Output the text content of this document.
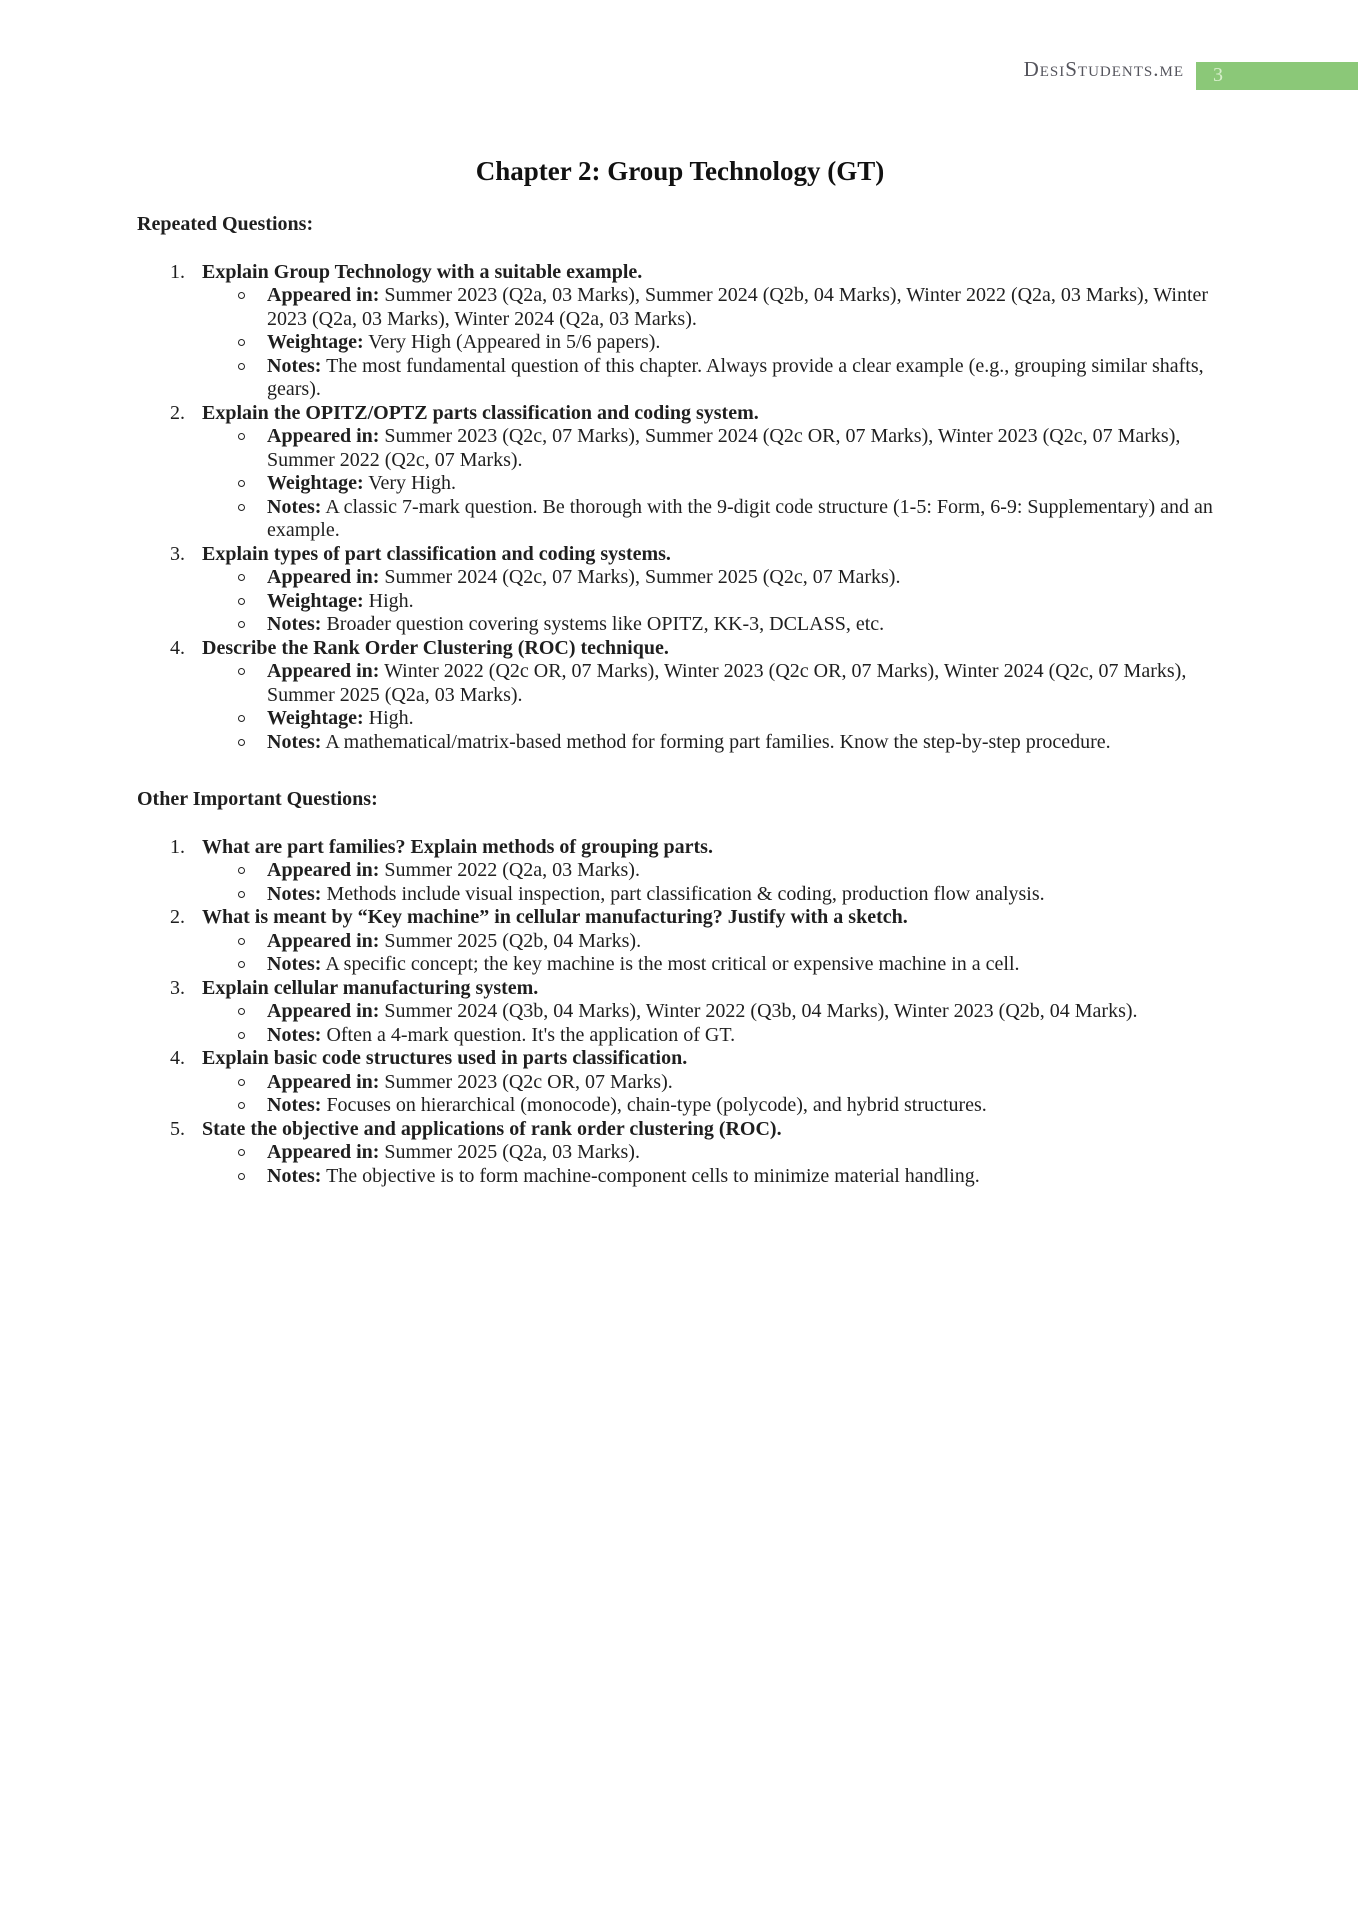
DesiStudents.me	3
Chapter 2: Group Technology (GT)
Repeated Questions:
1. Explain Group Technology with a suitable example.
Appeared in: Summer 2023 (Q2a, 03 Marks), Summer 2024 (Q2b, 04 Marks), Winter 2022 (Q2a, 03 Marks), Winter 2023 (Q2a, 03 Marks), Winter 2024 (Q2a, 03 Marks).
Weightage: Very High (Appeared in 5/6 papers).
Notes: The most fundamental question of this chapter. Always provide a clear example (e.g., grouping similar shafts, gears).
2. Explain the OPITZ/OPTZ parts classification and coding system.
Appeared in: Summer 2023 (Q2c, 07 Marks), Summer 2024 (Q2c OR, 07 Marks), Winter 2023 (Q2c, 07 Marks), Summer 2022 (Q2c, 07 Marks).
Weightage: Very High.
Notes: A classic 7-mark question. Be thorough with the 9-digit code structure (1-5: Form, 6-9: Supplementary) and an example.
3. Explain types of part classification and coding systems.
Appeared in: Summer 2024 (Q2c, 07 Marks), Summer 2025 (Q2c, 07 Marks).
Weightage: High.
Notes: Broader question covering systems like OPITZ, KK-3, DCLASS, etc.
4. Describe the Rank Order Clustering (ROC) technique.
Appeared in: Winter 2022 (Q2c OR, 07 Marks), Winter 2023 (Q2c OR, 07 Marks), Winter 2024 (Q2c, 07 Marks), Summer 2025 (Q2a, 03 Marks).
Weightage: High.
Notes: A mathematical/matrix-based method for forming part families. Know the step-by-step procedure.
Other Important Questions:
1. What are part families? Explain methods of grouping parts.
Appeared in: Summer 2022 (Q2a, 03 Marks).
Notes: Methods include visual inspection, part classification & coding, production flow analysis.
2. What is meant by “Key machine” in cellular manufacturing? Justify with a sketch.
Appeared in: Summer 2025 (Q2b, 04 Marks).
Notes: A specific concept; the key machine is the most critical or expensive machine in a cell.
3. Explain cellular manufacturing system.
Appeared in: Summer 2024 (Q3b, 04 Marks), Winter 2022 (Q3b, 04 Marks), Winter 2023 (Q2b, 04 Marks).
Notes: Often a 4-mark question. It's the application of GT.
4. Explain basic code structures used in parts classification.
Appeared in: Summer 2023 (Q2c OR, 07 Marks).
Notes: Focuses on hierarchical (monocode), chain-type (polycode), and hybrid structures.
5. State the objective and applications of rank order clustering (ROC).
Appeared in: Summer 2025 (Q2a, 03 Marks).
Notes: The objective is to form machine-component cells to minimize material handling.
